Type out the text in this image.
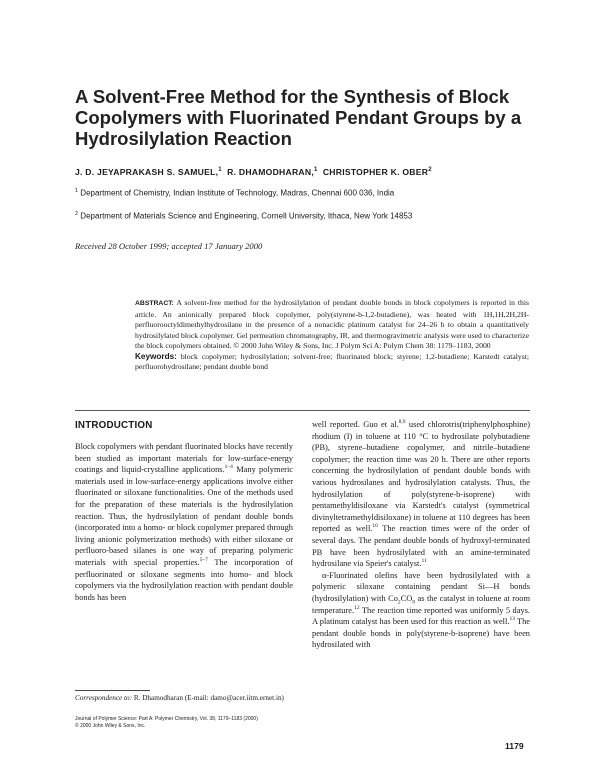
A Solvent-Free Method for the Synthesis of Block Copolymers with Fluorinated Pendant Groups by a Hydrosilylation Reaction
J. D. JEYAPRAKASH S. SAMUEL,$^1$ R. DHAMODHARAN,$^1$ CHRISTOPHER K. OBER$^2$
$^1$ Department of Chemistry, Indian Institute of Technology, Madras, Chennai 600 036, India
$^2$ Department of Materials Science and Engineering, Cornell University, Ithaca, New York 14853
Received 28 October 1999; accepted 17 January 2000
ABSTRACT: A solvent-free method for the hydrosilylation of pendant double bonds in block copolymers is reported in this article. An anionically prepared block copolymer, poly(styrene-b-1,2-butadiene), was heated with 1H,1H,2H,2H-perfluorooctyldimethylhydrosilane in the presence of a nonacidic platinum catalyst for 24–26 h to obtain a quantitatively hydrosilylated block copolymer. Gel permeation chromatography, IR, and thermogravimetric analysis were used to characterize the block copolymers obtained. © 2000 John Wiley & Sons, Inc. J Polym Sci A: Polym Chem 38: 1179–1183, 2000
Keywords: block copolymer; hydrosilylation; solvent-free; fluorinated block; styrene; 1,2-butadiene; Karstedt catalyst; perfluorohydrosilane; pendant double bond
INTRODUCTION

Block copolymers with pendant fluorinated blocks have recently been studied as important materials for low-surface-energy coatings and liquid-crystalline applications.$^{1-4}$ Many polymeric materials used in low-surface-energy applications involve either fluorinated or siloxane functionalities. One of the methods used for the preparation of these materials is the hydrosilylation reaction. Thus, the hydrosilylation of pendant double bonds (incorporated into a homo- or block copolymer prepared through living anionic polymerization methods) with either siloxane or perfluoro-based silanes is one way of preparing polymeric materials with special properties.$^{5-7}$ The incorporation of perfluorinated or siloxane segments into homo- and block copolymers via the hydrosilylation reaction with pendant double bonds has been

well reported. Guo et al.$^{8,9}$ used chlorotris(triphenylphosphine) rhodium (I) in toluene at 110 °C to hydrosilate polybutadiene (PB), styrene–butadiene copolymer, and nitrile–butadiene copolymer; the reaction time was 20 h. There are other reports concerning the hydrosilylation of pendant double bonds with various hydrosilanes and hydrosilylation catalysts. Thus, the hydrosilylation of poly(styrene-b-isoprene) with pentamethyldisiloxane via Karstedt's catalyst (symmetrical divinyltetramethyldisiloxane) in toluene at 110 degrees has been reported as well.$^{10}$ The reaction times were of the order of several days. The pendant double bonds of hydroxyl-terminated PB have been hydrosilylated with an amine-terminated hydrosilane via Speier's catalyst.$^{11}$

α-Fluorinated olefins have been hydrosilylated with a polymeric siloxane containing pendant Si—H bonds (hydrosilylation) with $Co_2CO_8$ as the catalyst in toluene at room temperature.$^{12}$ The reaction time reported was uniformly 5 days. A platinum catalyst has been used for this reaction as well.$^{13}$ The pendant double bonds in poly(styrene-b-isoprene) have been hydrosilated with

Correspondence to: R. Dhamodharan (E-mail: damo@acer.iitm.ernet.in)
Journal of Polymer Science: Part A: Polymer Chemistry, Vol. 38, 1179–1183 (2000)
© 2000 John Wiley & Sons, Inc.
1179
